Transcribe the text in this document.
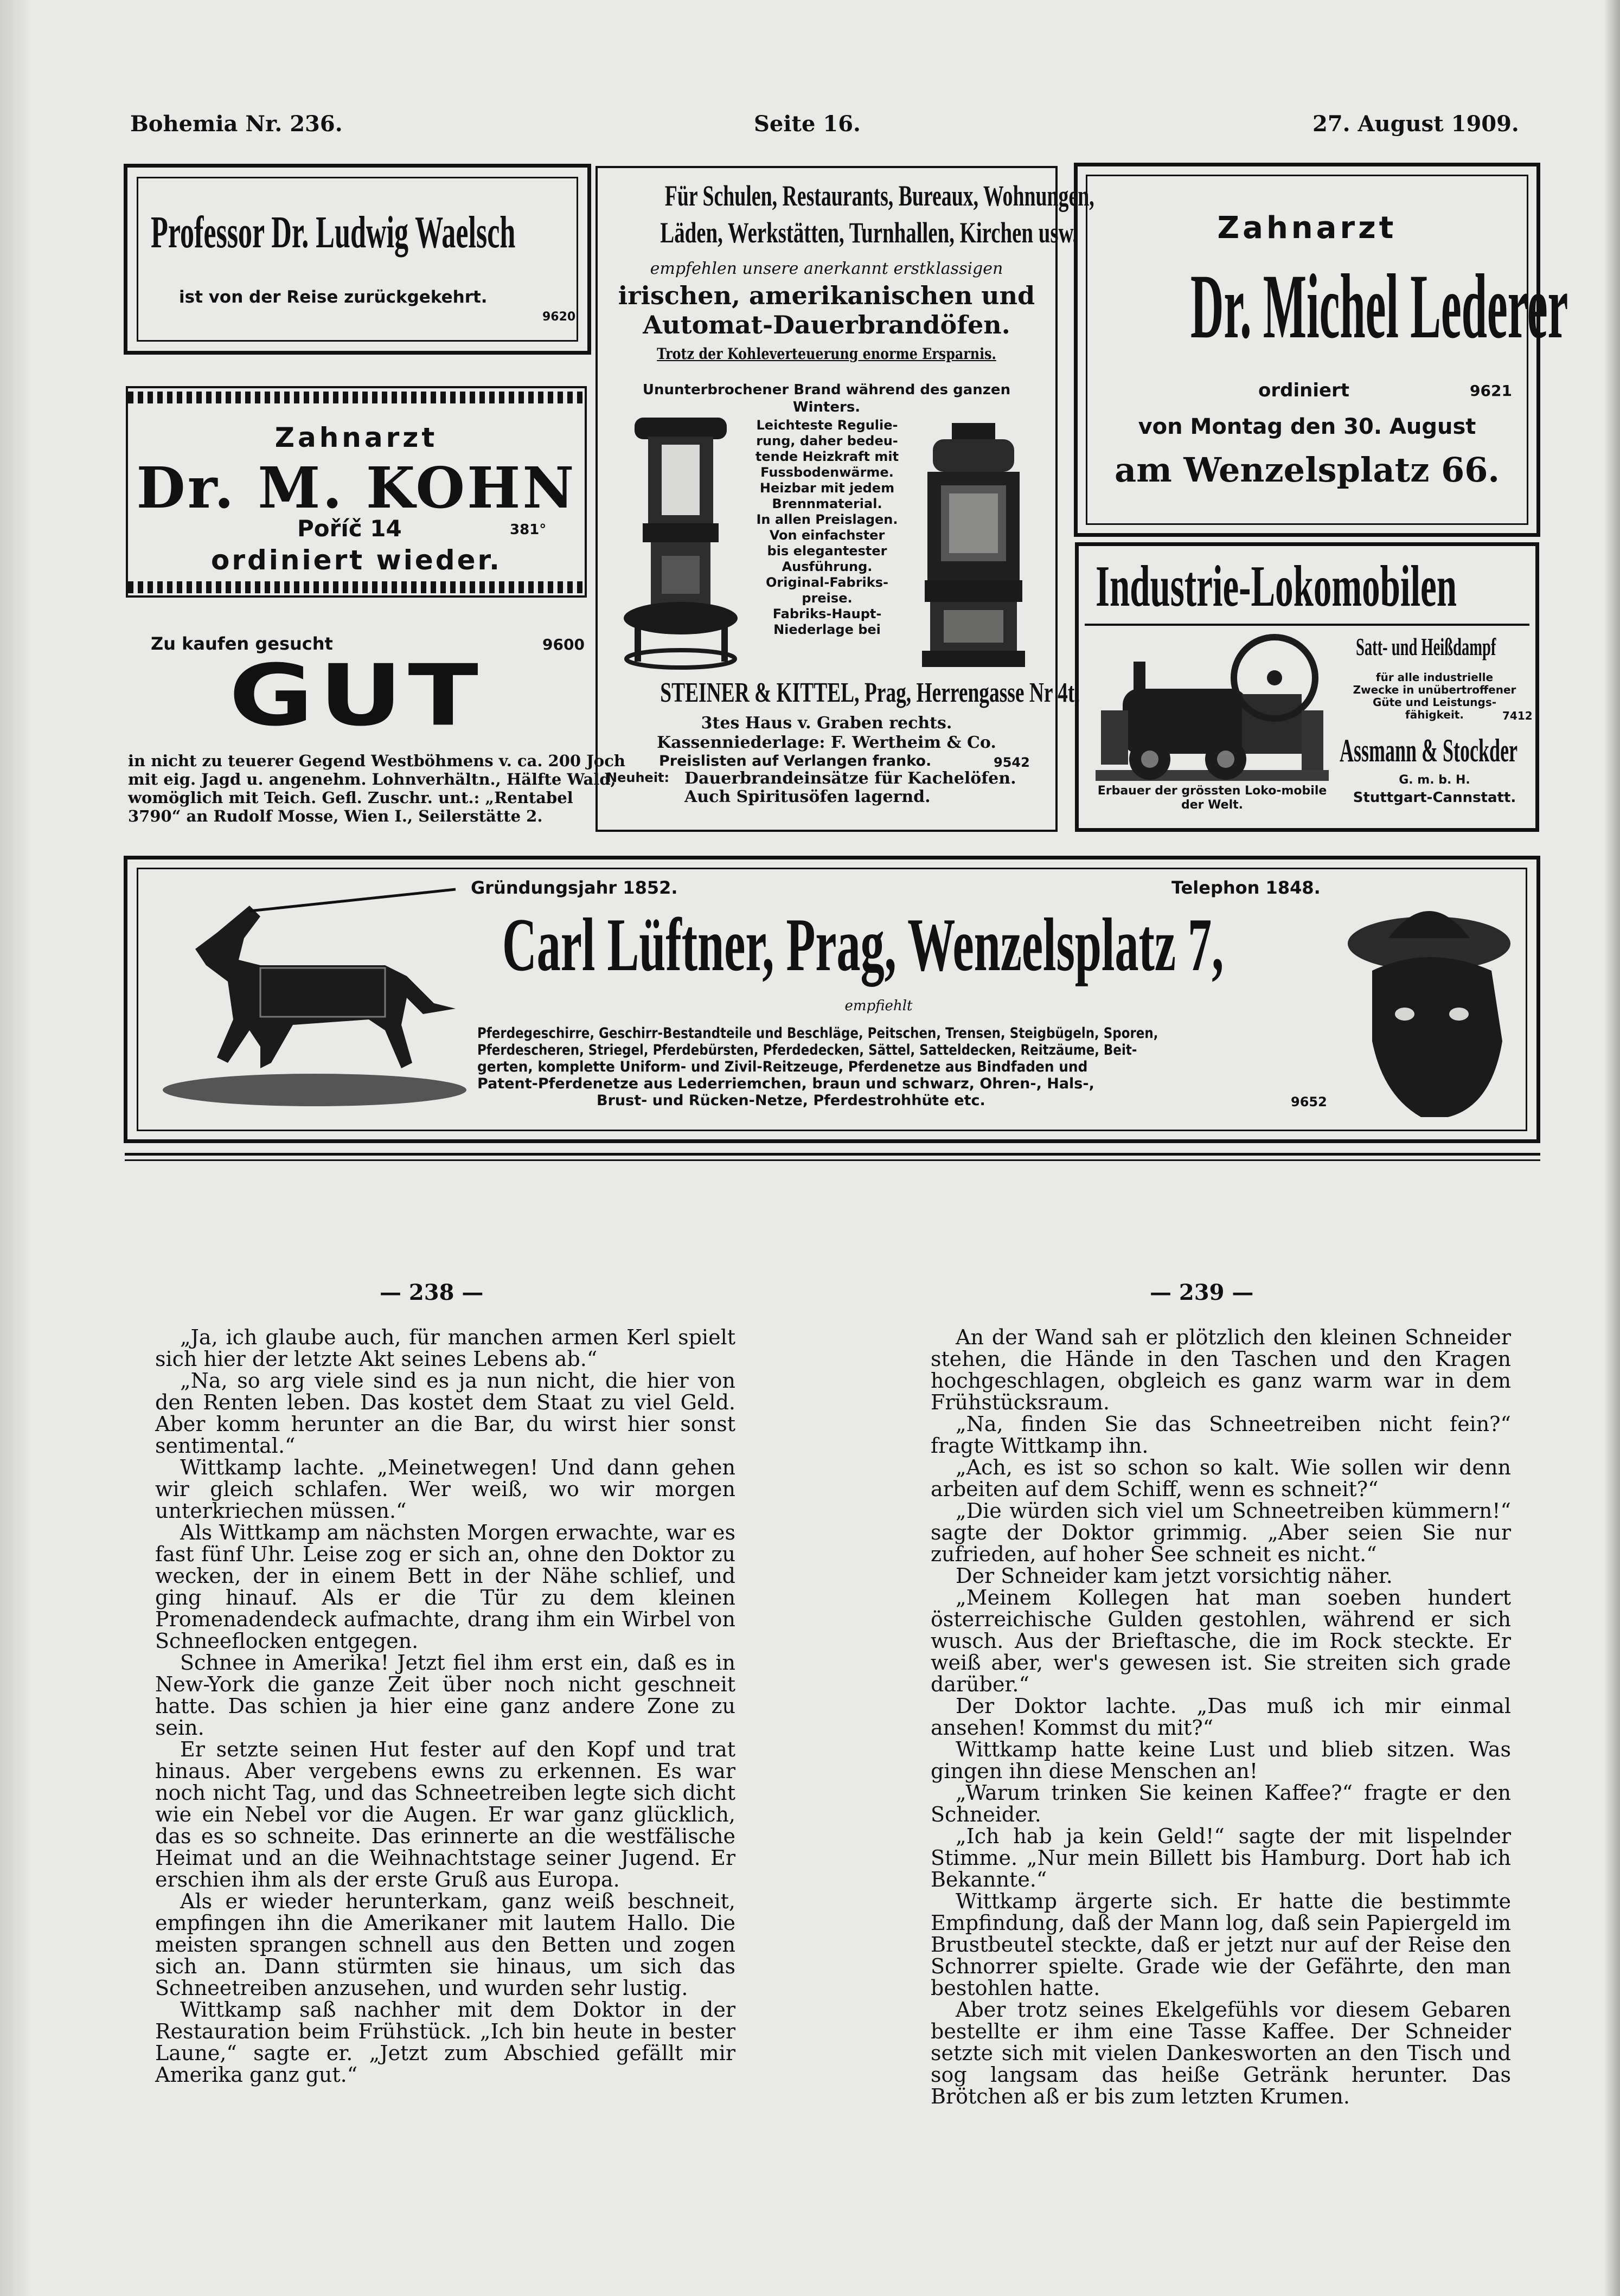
Bohemia Nr. 236.	Seite 16.	27. August 1909.
Professor Dr. Ludwig Waelsch
ist von der Reise zurückgekehrt.
9620
Zahnarzt
Dr. M. KOHN
Poříč 14	381°
ordiniert wieder.
Zu kaufen gesucht	9600
GUT
in nicht zu teuerer Gegend Westböhmens v. ca. 200 Joch
mit eig. Jagd u. angenehm. Lohnverhältn., Hälfte Wald,
womöglich mit Teich. Gefl. Zuschr. unt.: „Rentabel
3790“ an Rudolf Mosse, Wien I., Seilerstätte 2.
Für Schulen, Restaurants, Bureaux, Wohnungen,
Läden, Werkstätten, Turnhallen, Kirchen usw.
empfehlen unsere anerkannt erstklassigen
irischen, amerikanischen und
Automat-Dauerbrandöfen.
Trotz der Kohleverteuerung enorme Ersparnis.
Ununterbrochener Brand während des ganzen
Winters.
Leichteste Regulie-
rung, daher bedeu-
tende Heizkraft mit
Fussbodenwärme.
Heizbar mit jedem
Brennmaterial.
In allen Preislagen.
Von einfachster
bis elegantester
Ausführung.
Original-Fabriks-
preise.
Fabriks-Haupt-
Niederlage bei
STEINER & KITTEL, Prag, Herrengasse Nr 4t,
3tes Haus v. Graben rechts.
Kassenniederlage: F. Wertheim & Co.
Preislisten auf Verlangen franko.	9542
Neuheit: Dauerbrandeinsätze für Kachelöfen.
Auch Spiritusöfen lagernd.
Zahnarzt
Dr. Michel Lederer
ordiniert	9621
von Montag den 30. August
am Wenzelsplatz 66.
Industrie-Lokomobilen
Satt- und Heißdampf
für alle industrielle
Zwecke in unübertroffener
Güte und Leistungs-
fähigkeit.	7412
Assmann & Stockder
G. m. b. H.
Stuttgart-Cannstatt.
Erbauer der grössten Loko-mobile der Welt.
Gründungsjahr 1852.	Telephon 1848.
Carl Lüftner, Prag, Wenzelsplatz 7,
empfiehlt
Pferdegeschirre, Geschirr-Bestandteile und Beschläge, Peitschen, Trensen, Steigbügeln, Sporen,
Pferdescheren, Striegel, Pferdebürsten, Pferdedecken, Sättel, Satteldecken, Reitzäume, Beit-
gerten, komplette Uniform- und Zivil-Reitzeuge, Pferdenetze aus Bindfaden und
Patent-Pferdenetze aus Lederriemchen, braun und schwarz, Ohren-, Hals-,
Brust- und Rücken-Netze, Pferdestrohhüte etc.	9652
— 238 —	— 239 —

„Ja, ich glaube auch, für manchen armen Kerl spielt sich hier der letzte Akt seines Lebens ab.“

„Na, so arg viele sind es ja nun nicht, die hier von den Renten leben. Das kostet dem Staat zu viel Geld. Aber komm herunter an die Bar, du wirst hier sonst sentimental.“

Wittkamp lachte. „Meinetwegen! Und dann gehen wir gleich schlafen. Wer weiß, wo wir morgen unterkriechen müssen.“

Als Wittkamp am nächsten Morgen erwachte, war es fast fünf Uhr. Leise zog er sich an, ohne den Doktor zu wecken, der in einem Bett in der Nähe schlief, und ging hinauf. Als er die Tür zu dem kleinen Promenadendeck aufmachte, drang ihm ein Wirbel von Schneeflocken entgegen.

Schnee in Amerika! Jetzt fiel ihm erst ein, daß es in New-York die ganze Zeit über noch nicht geschneit hatte. Das schien ja hier eine ganz andere Zone zu sein.

Er setzte seinen Hut fester auf den Kopf und trat hinaus. Aber vergebens ewns zu erkennen. Es war noch nicht Tag, und das Schneetreiben legte sich dicht wie ein Nebel vor die Augen. Er war ganz glücklich, das es so schneite. Das erinnerte an die westfälische Heimat und an die Weihnachtstage seiner Jugend. Er erschien ihm als der erste Gruß aus Europa.

Als er wieder herunterkam, ganz weiß beschneit, empfingen ihn die Amerikaner mit lautem Hallo. Die meisten sprangen schnell aus den Betten und zogen sich an. Dann stürmten sie hinaus, um sich das Schneetreiben anzusehen, und wurden sehr lustig.

Wittkamp saß nachher mit dem Doktor in der Restauration beim Frühstück. „Ich bin heute in bester Laune,“ sagte er. „Jetzt zum Abschied gefällt mir Amerika ganz gut.“

An der Wand sah er plötzlich den kleinen Schneider stehen, die Hände in den Taschen und den Kragen hochgeschlagen, obgleich es ganz warm war in dem Frühstücksraum.

„Na, finden Sie das Schneetreiben nicht fein?“ fragte Wittkamp ihn.

„Ach, es ist so schon so kalt. Wie sollen wir denn arbeiten auf dem Schiff, wenn es schneit?“

„Die würden sich viel um Schneetreiben kümmern!“ sagte der Doktor grimmig. „Aber seien Sie nur zufrieden, auf hoher See schneit es nicht.“

Der Schneider kam jetzt vorsichtig näher.

„Meinem Kollegen hat man soeben hundert österreichische Gulden gestohlen, während er sich wusch. Aus der Brieftasche, die im Rock steckte. Er weiß aber, wer's gewesen ist. Sie streiten sich grade darüber.“

Der Doktor lachte. „Das muß ich mir einmal ansehen! Kommst du mit?“

Wittkamp hatte keine Lust und blieb sitzen. Was gingen ihn diese Menschen an!

„Warum trinken Sie keinen Kaffee?“ fragte er den Schneider.

„Ich hab ja kein Geld!“ sagte der mit lispelnder Stimme. „Nur mein Billett bis Hamburg. Dort hab ich Bekannte.“

Wittkamp ärgerte sich. Er hatte die bestimmte Empfindung, daß der Mann log, daß sein Papiergeld im Brustbeutel steckte, daß er jetzt nur auf der Reise den Schnorrer spielte. Grade wie der Gefährte, den man bestohlen hatte.

Aber trotz seines Ekelgefühls vor diesem Gebaren bestellte er ihm eine Tasse Kaffee. Der Schneider setzte sich mit vielen Dankesworten an den Tisch und sog langsam das heiße Getränk herunter. Das Brötchen aß er bis zum letzten Krumen.
